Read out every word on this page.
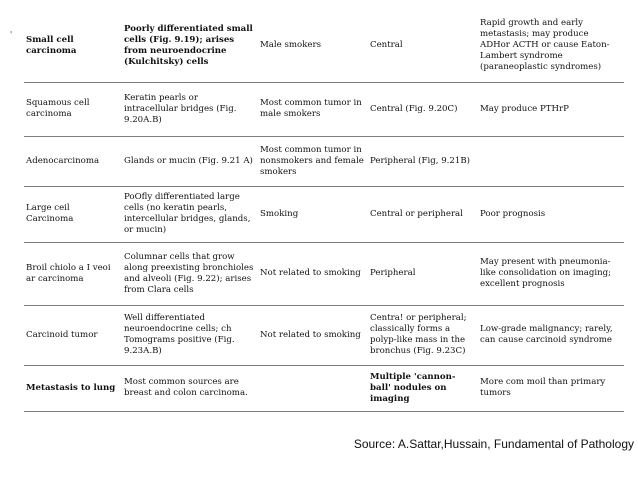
'
Small cell carcinoma	Poorly differentiated small cells (Fig. 9.19); arises from neuroendocrine (Kulchitsky) cells	Male smokers	Central	Rapid growth and early metastasis; may produce ADHor ACTH or cause Eaton-Lambert syndrome (paraneoplastic syndromes)
Squamous cell carcinoma	Keratin pearls or intracellular bridges (Fig. 9.20A.B)	Most common tumor in male smokers	Central (Fig. 9.20C)	May produce PTHrP
Adenocarcinoma	Glands or mucin (Fig. 9.21 A)	Most common tumor in nonsmokers and female smokers	Peripheral (Fig, 9.21B)	
Large ceil Carcinoma	PoOfly differentiated large cells (no keratin pearls, intercellular bridges, glands, or mucin)	Smoking	Central or peripheral	Poor prognosis
Broil chiolo a I veoi ar carcinoma	Columnar cells that grow along preexisting bronchioles and alveoli (Fig. 9.22); arises from Clara cells	Not related to smoking	Peripheral	May present with pneumonia-like consolidation on imaging; excellent prognosis
Carcinoid tumor	Well differentiated neuroendocrine cells; ch Tomograms positive (Fig. 9.23A.B)	Not related to smoking	Centra! or peripheral; classically forms a polyp-like mass in the bronchus (Fig. 9.23C)	Low-grade malignancy; rarely, can cause carcinoid syndrome
Metastasis to lung	Most common sources are breast and colon carcinoma.		Multiple 'cannon-ball' nodules on imaging	More com moil than primary tumors
Source: A.Sattar,Hussain, Fundamental of Pathology
